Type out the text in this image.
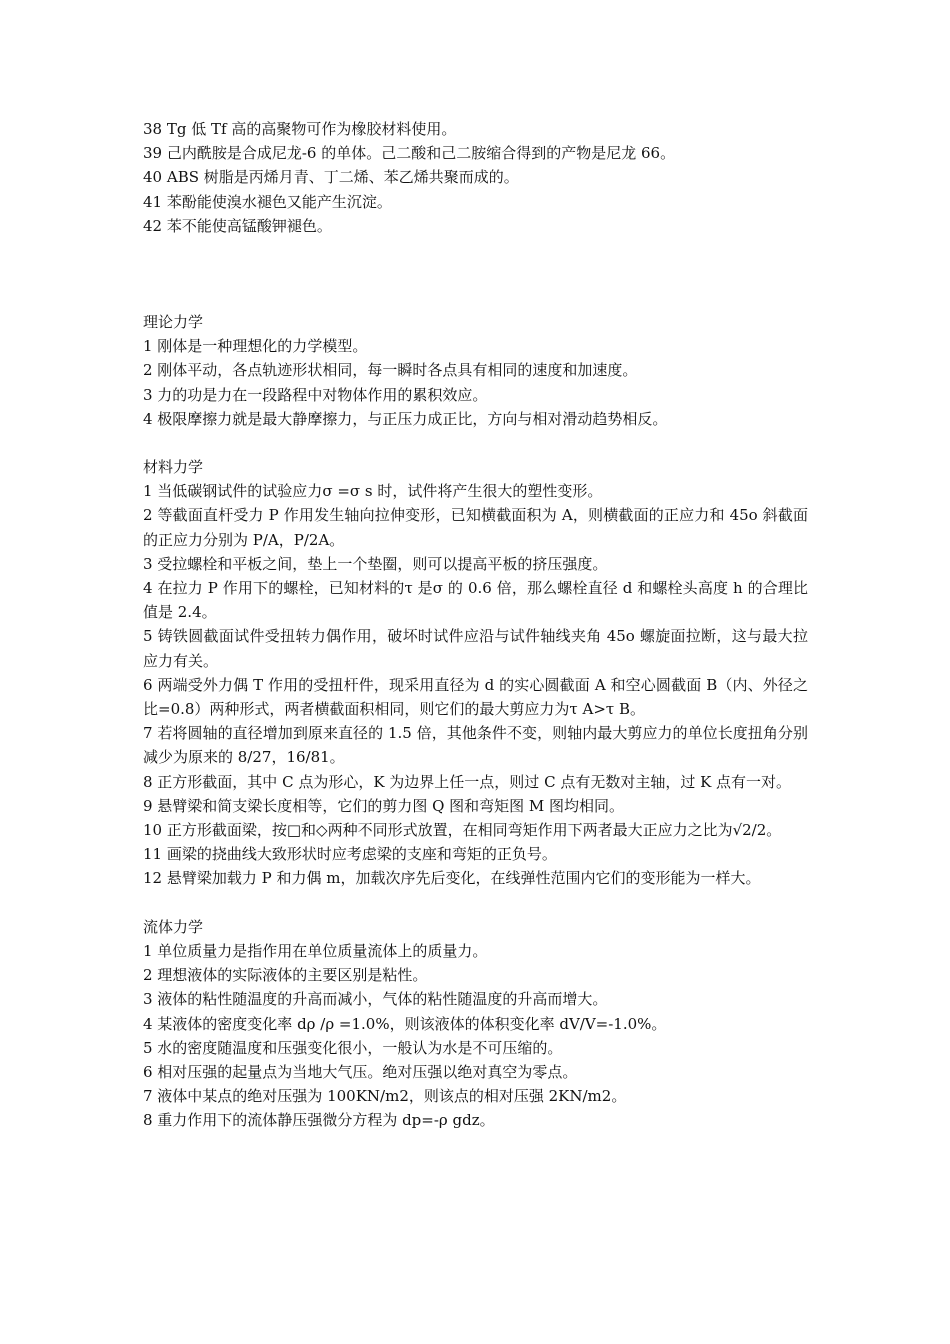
38 Tg 低 Tf 高的高聚物可作为橡胶材料使用。

39 己内酰胺是合成尼龙-6 的单体。己二酸和己二胺缩合得到的产物是尼龙 66。

40 ABS 树脂是丙烯月青、丁二烯、苯乙烯共聚而成的。

41 苯酚能使溴水褪色又能产生沉淀。

42 苯不能使高锰酸钾褪色。

理论力学

1 刚体是一种理想化的力学模型。

2 刚体平动，各点轨迹形状相同，每一瞬时各点具有相同的速度和加速度。

3 力的功是力在一段路程中对物体作用的累积效应。

4 极限摩擦力就是最大静摩擦力，与正压力成正比，方向与相对滑动趋势相反。

材料力学

1 当低碳钢试件的试验应力σ =σ s 时，试件将产生很大的塑性变形。

2 等截面直杆受力 P 作用发生轴向拉伸变形，已知横截面积为 A，则横截面的正应力和 45o 斜截面的正应力分别为 P/A，P/2A。

3 受拉螺栓和平板之间，垫上一个垫圈，则可以提高平板的挤压强度。

4 在拉力 P 作用下的螺栓，已知材料的τ 是σ 的 0.6 倍，那么螺栓直径 d 和螺栓头高度 h 的合理比值是 2.4。

5 铸铁圆截面试件受扭转力偶作用，破坏时试件应沿与试件轴线夹角 45o 螺旋面拉断，这与最大拉应力有关。

6 两端受外力偶 T 作用的受扭杆件，现采用直径为 d 的实心圆截面 A 和空心圆截面 B（内、外径之比=0.8）两种形式，两者横截面积相同，则它们的最大剪应力为τ A>τ B。

7 若将圆轴的直径增加到原来直径的 1.5 倍，其他条件不变，则轴内最大剪应力的单位长度扭角分别减少为原来的 8/27，16/81。

8 正方形截面，其中 C 点为形心，K 为边界上任一点，则过 C 点有无数对主轴，过 K 点有一对。

9 悬臂梁和简支梁长度相等，它们的剪力图 Q 图和弯矩图 M 图均相同。

10 正方形截面梁，按□和◇两种不同形式放置，在相同弯矩作用下两者最大正应力之比为√2/2。

11 画梁的挠曲线大致形状时应考虑梁的支座和弯矩的正负号。

12 悬臂梁加载力 P 和力偶 m，加载次序先后变化，在线弹性范围内它们的变形能为一样大。

流体力学

1 单位质量力是指作用在单位质量流体上的质量力。

2 理想液体的实际液体的主要区别是粘性。

3 液体的粘性随温度的升高而减小，气体的粘性随温度的升高而增大。

4 某液体的密度变化率 dρ /ρ =1.0%，则该液体的体积变化率 dV/V=-1.0%。

5 水的密度随温度和压强变化很小，一般认为水是不可压缩的。

6 相对压强的起量点为当地大气压。绝对压强以绝对真空为零点。

7 液体中某点的绝对压强为 100KN/m2，则该点的相对压强 2KN/m2。

8 重力作用下的流体静压强微分方程为 dp=-ρ gdz。
